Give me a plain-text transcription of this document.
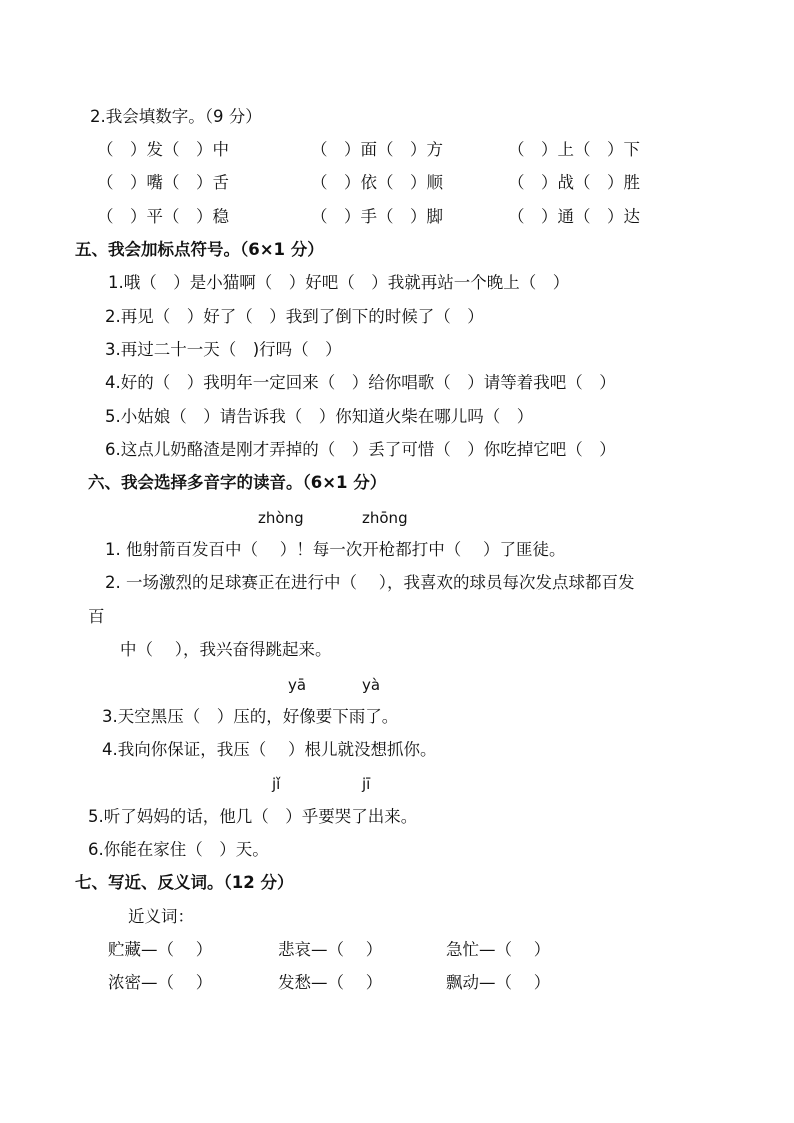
2.我会填数字。（9 分）
（　）发（　）中	（　）面（　）方	（　）上（　）下
（　）嘴（　）舌	（　）依（　）顺	（　）战（　）胜
（　）平（　）稳	（　）手（　）脚	（　）通（　）达
五、我会加标点符号。（6×1 分）
1.哦（　）是小猫啊（　）好吧（　）我就再站一个晚上（　）
2.再见（　）好了（　）我到了倒下的时候了（　）
3.再过二十一天（　)行吗（　）
4.好的（　）我明年一定回来（　）给你唱歌（　）请等着我吧（　）
5.小姑娘（　）请告诉我（　）你知道火柴在哪儿吗（　）
6.这点儿奶酪渣是刚才弄掉的（　）丢了可惜（　）你吃掉它吧（　）
六、我会选择多音字的读音。（6×1 分）
zhòng	zhōng
1. 他射箭百发百中（　 ）！每一次开枪都打中（　 ）了匪徒。
2. 一场激烈的足球赛正在进行中（　 ），我喜欢的球员每次发点球都百发
百
中（　 ），我兴奋得跳起来。
yā	yà
3.天空黑压（　）压的，好像要下雨了。
4.我向你保证，我压（　 ）根儿就没想抓你。
jǐ	jī
5.听了妈妈的话，他几（　）乎要哭了出来。
6.你能在家住（　）天。
七、写近、反义词。（12 分）
近义词：
贮藏—（　 ）	悲哀—（　 ）	急忙—（　 ）
浓密—（　 ）	发愁—（　 ）	飘动—（　 ）
